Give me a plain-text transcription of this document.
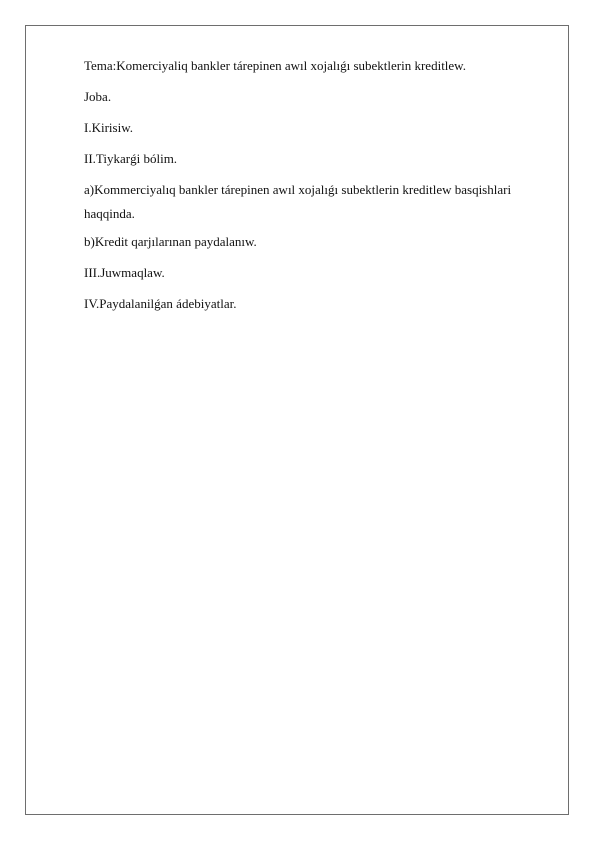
Tema:Komerciyaliq bankler tárepinen awıl xojalıǵı subektlerin kreditlew.

Joba.

I.Kirisiw.

II.Tiykarǵi bólim.

a)Kommerciyalıq bankler tárepinen awıl xojalıǵı subektlerin kreditlew basqishlari haqqinda.

b)Kredit qarjılarınan paydalanıw.

III.Juwmaqlaw.

IV.Paydalanilǵan ádebiyatlar.
